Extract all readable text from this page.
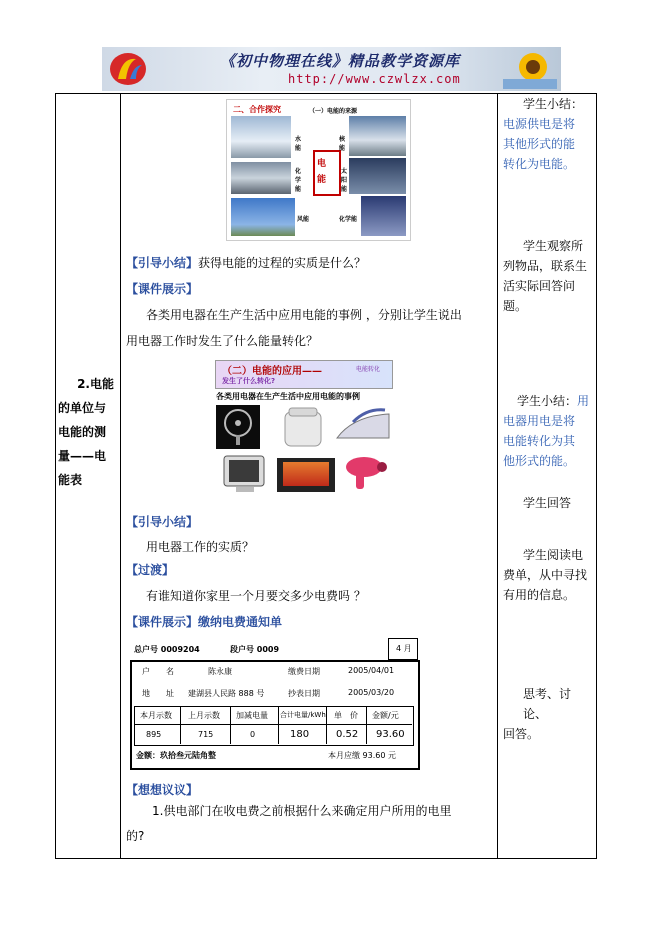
《初中物理在线》精品教学资源库
http://www.czwlzx.com
2.电能
的单位与
电能的测
量——电
能表
学生小结：
电源供电是将
其他形式的能
转化为电能。
学生观察所
列物品，联系生
活实际回答问
题。
学生小结：用
电器用电是将
电能转化为其
他形式的能。
学生回答
学生阅读电
费单，从中寻找
有用的信息。
思考、讨论、
回答。
二、合作探究	（一）电能的来源
电能
水能
化学能
核能
太阳能
风能	化学能
【引导小结】获得电能的过程的实质是什么？
【课件展示】
各类用电器在生产生活中应用电能的事例 ，分别让学生说出
用电器工作时发生了什么能量转化？
（二）电能的应用——	电能转化
发生了什么转化?
各类用电器在生产生活中应用电能的事例
【引导小结】
用电器工作的实质？
【过渡】
有谁知道你家里一个月要交多少电费吗 ？
【课件展示】缴纳电费通知单
总户号 0009204	段户号 0009	4 月
户　　名	陈永康	缴费日期	2005/04/01
地　　址 建湖县人民路 888 号	抄表日期	2005/03/20
本月示数 上月示数 加减电量 合计电量/kWh 单　价 金额/元
895	715	0	180	0.52 93.60
金额：玖拾叁元陆角整	本月应缴 93.60 元
【想想议议】
1.供电部门在收电费之前根据什么来确定用户所用的电里
的?
